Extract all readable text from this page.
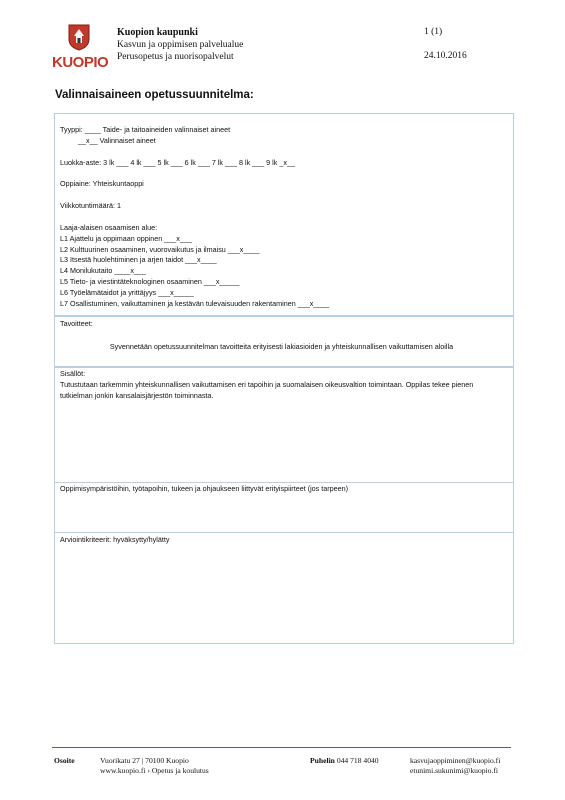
KUOPIO
Kuopion kaupunki
Kasvun ja oppimisen palvelualue
Perusopetus ja nuorisopalvelut
1 (1)
24.10.2016
Valinnaisaineen opetussuunnitelma:
Tyyppi: ____ Taide- ja taitoaineiden valinnaiset aineet
__x__ Valinnaiset aineet
Luokka-aste: 3 lk ___ 4 lk ___ 5 lk ___ 6 lk ___ 7 lk ___ 8 lk ___ 9 lk _x__
Oppiaine: Yhteiskuntaoppi
Viikkotuntimäärä: 1
Laaja-alaisen osaamisen alue:
L1 Ajattelu ja oppimaan oppinen ___x___
L2 Kulttuurinen osaaminen, vuorovaikutus ja ilmaisu ___x____
L3 Itsestä huolehtiminen ja arjen taidot ___x____
L4 Monilukutaito ____x___
L5 Tieto- ja viestintäteknologinen osaaminen ___x_____
L6 Työelämätaidot ja yrittäjyys ___x_____
L7 Osallistuminen, vaikuttaminen ja kestävän tulevaisuuden rakentaminen ___x____
Tavoitteet:
Syvennetään opetussuunnitelman tavoitteita erityisesti lakiasioiden ja yhteiskunnallisen vaikuttamisen aloilla
Sisällöt:
Tutustutaan tarkemmin yhteiskunnallisen vaikuttamisen eri tapoihin ja suomalaisen oikeusvaltion toimintaan. Oppilas tekee pienen tutkielman jonkin kansalaisjärjestön toiminnasta.
Oppimisympäristöihin, työtapoihin, tukeen ja ohjaukseen liittyvät erityispiirteet (jos tarpeen)
Arviointikriteerit: hyväksytty/hylätty
Osoite	Vuorikatu 27 | 70100 Kuopio
www.kuopio.fi › Opetus ja koulutus
Puhelin 044 718 4040	kasvujaoppiminen@kuopio.fi
etunimi.sukunimi@kuopio.fi
